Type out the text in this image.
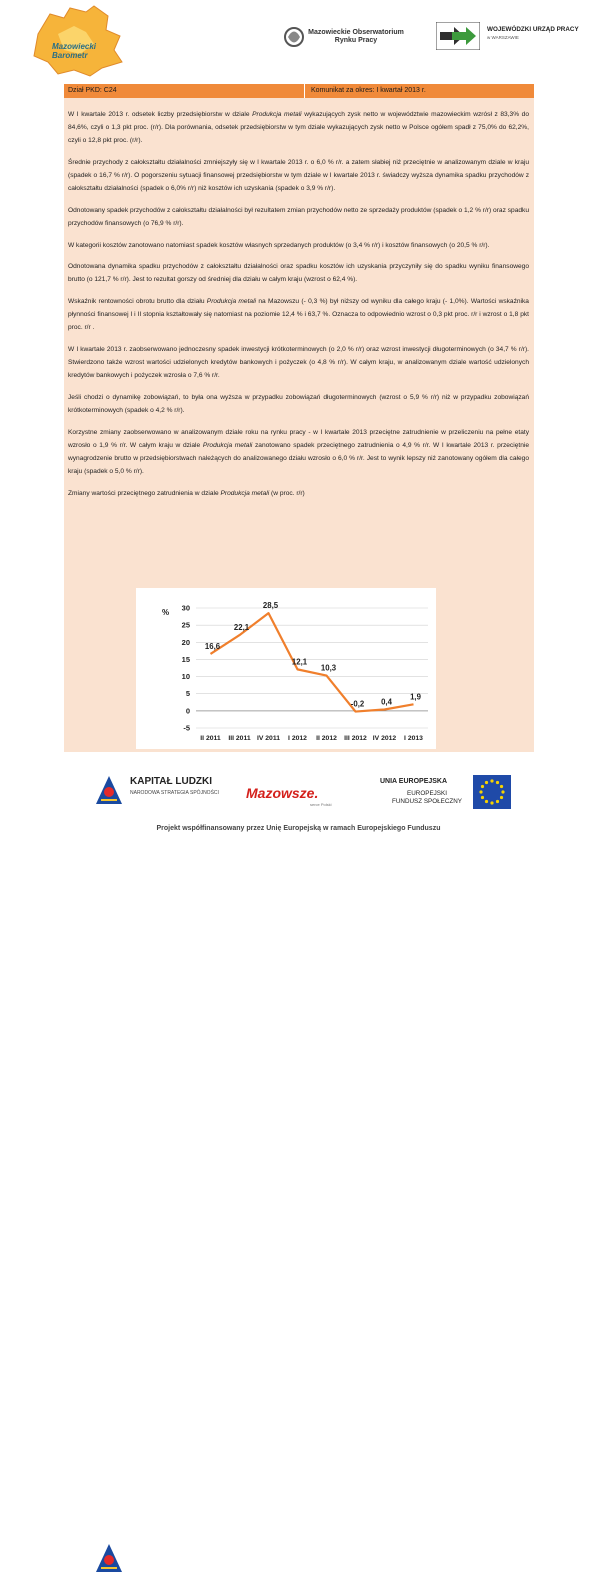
Mazowiecki
Barometr
Mazowieckie Obserwatorium
Rynku Pracy
WOJEWÓDZKI URZĄD PRACY
w WARSZAWIE
Dział PKD: C24	Komunikat za okres: I kwartał 2013 r.

W I kwartale 2013 r. odsetek liczby przedsiębiorstw w dziale Produkcja metali wykazujących zysk netto w województwie mazowieckim wzrósł z 83,3% do 84,6%, czyli o 1,3 pkt proc. (r/r). Dla porównania, odsetek przedsiębiorstw w tym dziale wykazujących zysk netto w Polsce ogółem spadł z 75,0% do 62,2%, czyli o 12,8 pkt proc. (r/r).

Średnie przychody z całokształtu działalności zmniejszyły się w I kwartale 2013 r. o 6,0 % r/r. a zatem słabiej niż przeciętnie w analizowanym dziale w kraju (spadek o 16,7 % r/r). O pogorszeniu sytuacji finansowej przedsiębiorstw w tym dziale w I kwartale 2013 r. świadczy wyższa dynamika spadku przychodów z całokształtu działalności (spadek o 6,0% r/r) niż kosztów ich uzyskania (spadek o 3,9 % r/r).

Odnotowany spadek przychodów z całokształtu działalności był rezultatem zmian przychodów netto ze sprzedaży produktów (spadek o 1,2 % r/r) oraz spadku przychodów finansowych (o 76,9 % r/r).

W kategorii kosztów zanotowano natomiast spadek kosztów własnych sprzedanych produktów (o 3,4 % r/r) i kosztów finansowych (o 20,5 % r/r).

Odnotowana dynamika spadku przychodów z całokształtu działalności oraz spadku kosztów ich uzyskania przyczyniły się do spadku wyniku finansowego brutto (o 121,7 % r/r). Jest to rezultat gorszy od średniej dla działu w całym kraju (wzrost o 62,4 %).

Wskaźnik rentowności obrotu brutto dla działu Produkcja metali na Mazowszu (- 0,3 %) był niższy od wyniku dla całego kraju (- 1,0%). Wartości wskaźnika płynności finansowej I i II stopnia kształtowały się natomiast na poziomie 12,4 % i 63,7 %. Oznacza to odpowiednio wzrost o 0,3 pkt proc. r/r i wzrost o 1,8 pkt proc. r/r .

W I kwartale 2013 r. zaobserwowano jednoczesny spadek inwestycji krótkoterminowych (o 2,0 % r/r) oraz wzrost inwestycji długoterminowych (o 34,7 % r/r). Stwierdzono także wzrost wartości udzielonych kredytów bankowych i pożyczek (o 4,8 % r/r). W całym kraju, w analizowanym dziale wartość udzielonych kredytów bankowych i pożyczek wzrosła o 7,6 % r/r.

Jeśli chodzi o dynamikę zobowiązań, to była ona wyższa w przypadku zobowiązań długoterminowych (wzrost o 5,9 % r/r) niż w przypadku zobowiązań krótkoterminowych (spadek o 4,2 % r/r).

Korzystne zmiany zaobserwowano w analizowanym dziale roku na rynku pracy - w I kwartale 2013 przeciętne zatrudnienie w przeliczeniu na pełne etaty wzrosło o 1,9 % r/r. W całym kraju w dziale Produkcja metali zanotowano spadek przeciętnego zatrudnienia o 4,9 % r/r. W I kwartale 2013 r. przeciętnie wynagrodzenie brutto w przedsiębiorstwach należących do analizowanego działu wzrosło o 6,0 % r/r. Jest to wynik lepszy niż zanotowany ogółem dla całego kraju (spadek o 5,0 % r/r).

Zmiany wartości przeciętnego zatrudnienia w dziale Produkcja metali (w proc. r/r)

-5
0
5
10
15
20
25
30
%
II 2011 III 2011 IV 2011 I 2012 II 2012 III 2012 IV 2012 I 2013
16,6
22,1
28,5
12,1
10,3
-0,2 0,4
1,9
KAPITAŁ LUDZKI
NARODOWA STRATEGIA SPÓJNOŚCI Mazowsze.
serce Polski
UNIA EUROPEJSKA
EUROPEJSKI
FUNDUSZ SPOŁECZNY
Projekt współfinansowany przez Unię Europejską w ramach Europejskiego Funduszu
